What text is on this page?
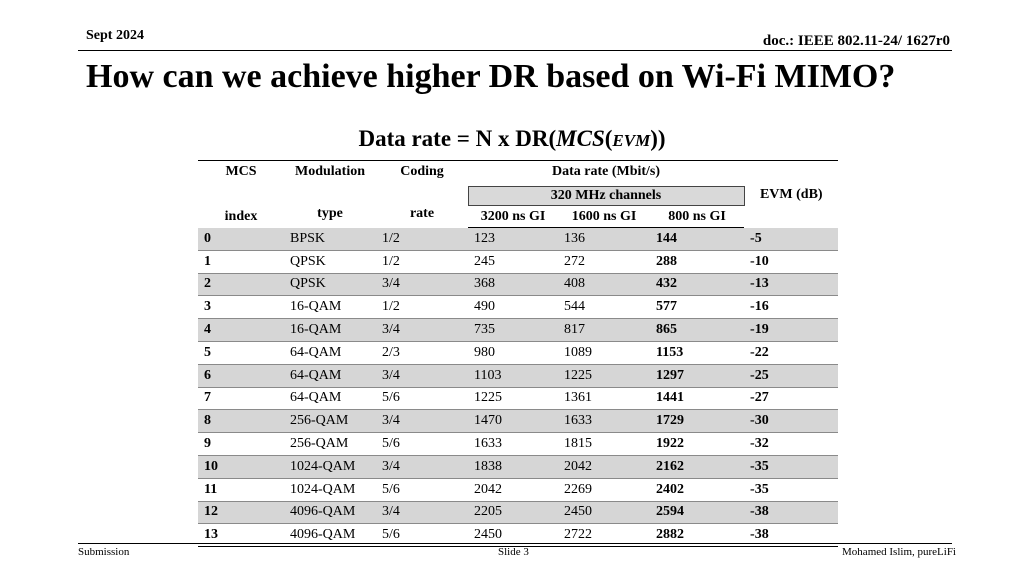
Sept 2024	doc.: IEEE 802.11-24/ 1627r0
How can we achieve higher DR based on Wi-Fi MIMO?
Data rate = N x DR(MCS(EVM))
MCS	Modulation	Coding	Data rate (Mbit/s)			
			320 MHz channels			EVM (dB)
index	type	rate	3200 ns GI	1600 ns GI	800 ns GI	
0	BPSK	1/2	123	136	144	-5
1	QPSK	1/2	245	272	288	-10
2	QPSK	3/4	368	408	432	-13
3	16-QAM	1/2	490	544	577	-16
4	16-QAM	3/4	735	817	865	-19
5	64-QAM	2/3	980	1089	1153	-22
6	64-QAM	3/4	1103	1225	1297	-25
7	64-QAM	5/6	1225	1361	1441	-27
8	256-QAM	3/4	1470	1633	1729	-30
9	256-QAM	5/6	1633	1815	1922	-32
10	1024-QAM	3/4	1838	2042	2162	-35
11	1024-QAM	5/6	2042	2269	2402	-35
12	4096-QAM	3/4	2205	2450	2594	-38
13	4096-QAM	5/6	2450	2722	2882	-38
Submission	Slide 3	Mohamed Islim, pureLiFi
